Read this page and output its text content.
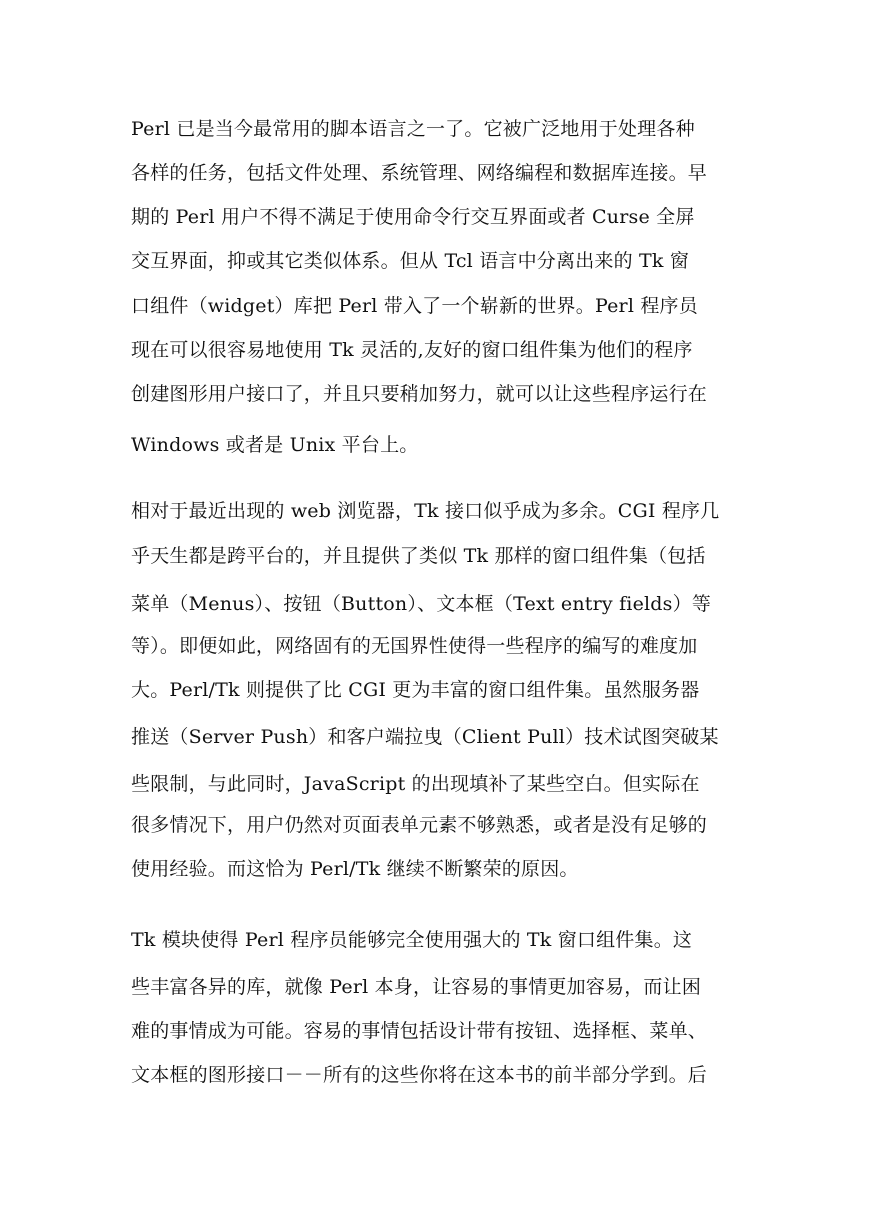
Perl 已是当今最常用的脚本语言之一了。它被广泛地用于处理各种
各样的任务，包括文件处理、系统管理、网络编程和数据库连接。早
期的 Perl 用户不得不满足于使用命令行交互界面或者 Curse 全屏
交互界面，抑或其它类似体系。但从 Tcl 语言中分离出来的 Tk 窗
口组件（widget）库把 Perl 带入了一个崭新的世界。Perl 程序员
现在可以很容易地使用 Tk 灵活的,友好的窗口组件集为他们的程序
创建图形用户接口了，并且只要稍加努力，就可以让这些程序运行在
Windows 或者是 Unix 平台上。
相对于最近出现的 web 浏览器，Tk 接口似乎成为多余。CGI 程序几
乎天生都是跨平台的，并且提供了类似 Tk 那样的窗口组件集（包括
菜单（Menus）、按钮（Button）、文本框（Text entry fields）等
等）。即便如此，网络固有的无国界性使得一些程序的编写的难度加
大。Perl/Tk 则提供了比 CGI 更为丰富的窗口组件集。虽然服务器
推送（Server Push）和客户端拉曳（Client Pull）技术试图突破某
些限制，与此同时，JavaScript 的出现填补了某些空白。但实际在
很多情况下，用户仍然对页面表单元素不够熟悉，或者是没有足够的
使用经验。而这恰为 Perl/Tk 继续不断繁荣的原因。
Tk 模块使得 Perl 程序员能够完全使用强大的 Tk 窗口组件集。这
些丰富各异的库，就像 Perl 本身，让容易的事情更加容易，而让困
难的事情成为可能。容易的事情包括设计带有按钮、选择框、菜单、
文本框的图形接口－－所有的这些你将在这本书的前半部分学到。后
